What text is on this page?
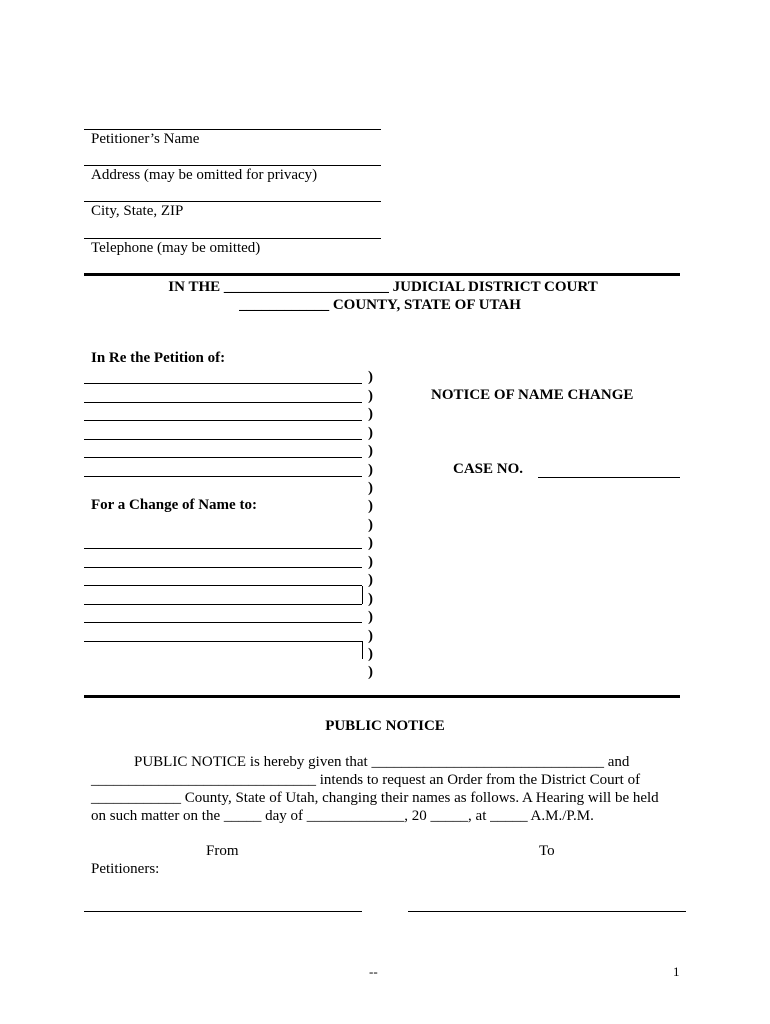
Petitioner’s Name
Address (may be omitted for privacy)
City, State, ZIP
Telephone (may be omitted)
IN THE ______________________ JUDICIAL DISTRICT COURT
____________ COUNTY, STATE OF UTAH
In Re the Petition of:
For a Change of Name to:
)
)
)
)
)
)
)
)
)
)
)
)
)
)
)
)
)
NOTICE OF NAME CHANGE
CASE NO.
PUBLIC NOTICE
PUBLIC NOTICE is hereby given that _______________________________ and
______________________________ intends to request an Order from the District Court of
____________ County, State of Utah, changing their names as follows. A Hearing will be held
on such matter on the _____ day of _____________, 20 _____, at _____ A.M./P.M.
From	To
Petitioners:
--	1
